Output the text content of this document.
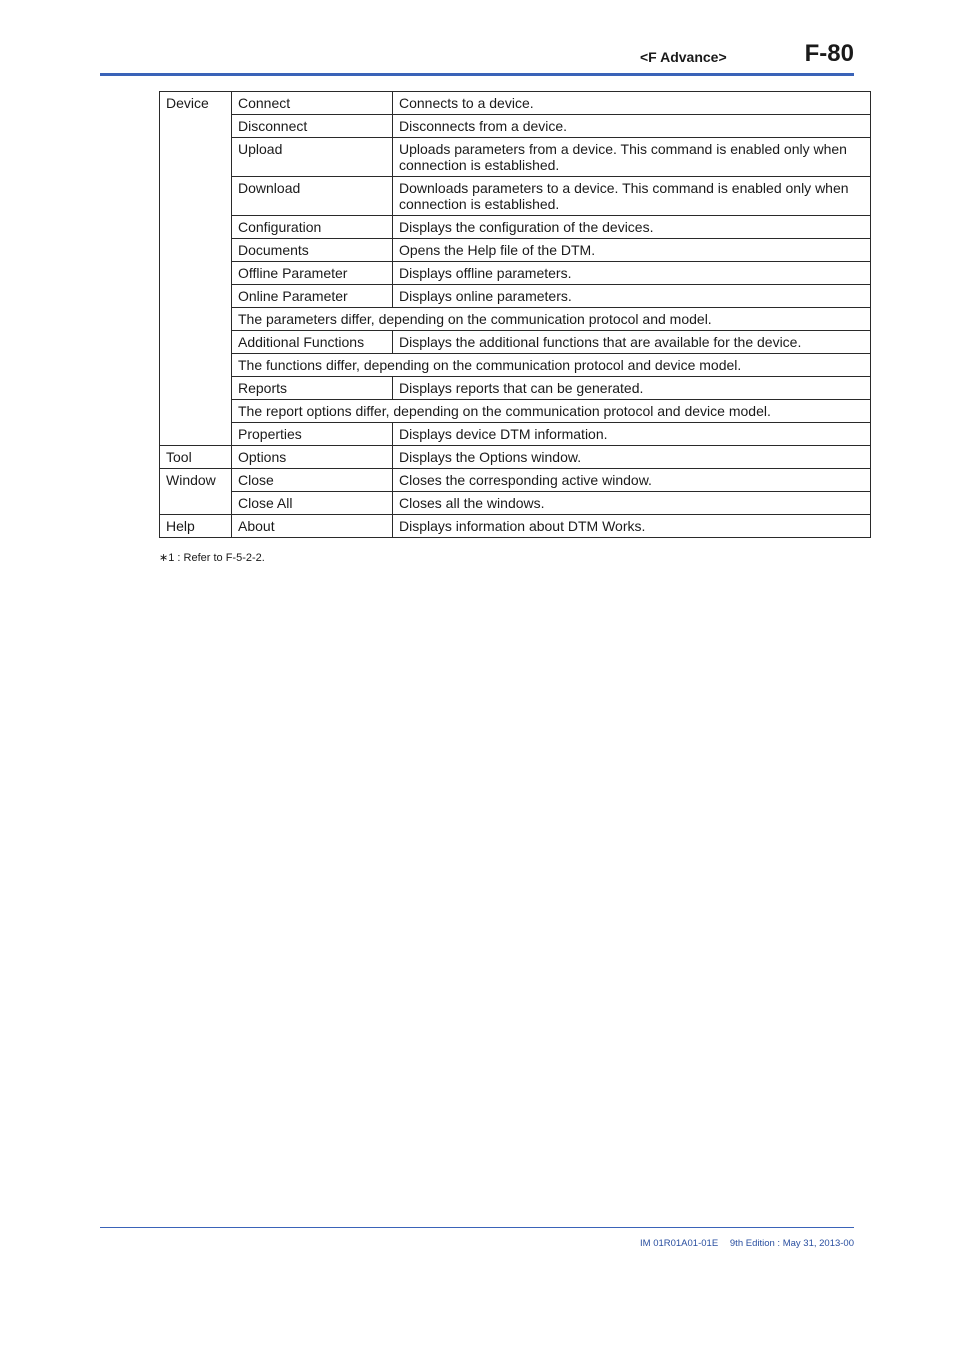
<F Advance>	F-80
Device	Connect	Connects to a device.
	Disconnect	Disconnects from a device.
	Upload	Uploads parameters from a device. This command is enabled only when connection is established.
	Download	Downloads parameters to a device. This command is enabled only when connection is established.
	Configuration	Displays the configuration of the devices.
	Documents	Opens the Help file of the DTM.
	Offline Parameter	Displays offline parameters.
	Online Parameter	Displays online parameters.
	The parameters differ, depending on the communication protocol and model.	
	Additional Functions	Displays the additional functions that are available for the device.
	The functions differ, depending on the communication protocol and device model.	
	Reports	Displays reports that can be generated.
	The report options differ, depending on the communication protocol and device model.	
	Properties	Displays device DTM information.
Tool	Options	Displays the Options window.
Window	Close	Closes the corresponding active window.
	Close All	Closes all the windows.
Help	About	Displays information about DTM Works.
∗1 : Refer to F-5-2-2.
IM 01R01A01-01E 9th Edition : May 31, 2013-00
